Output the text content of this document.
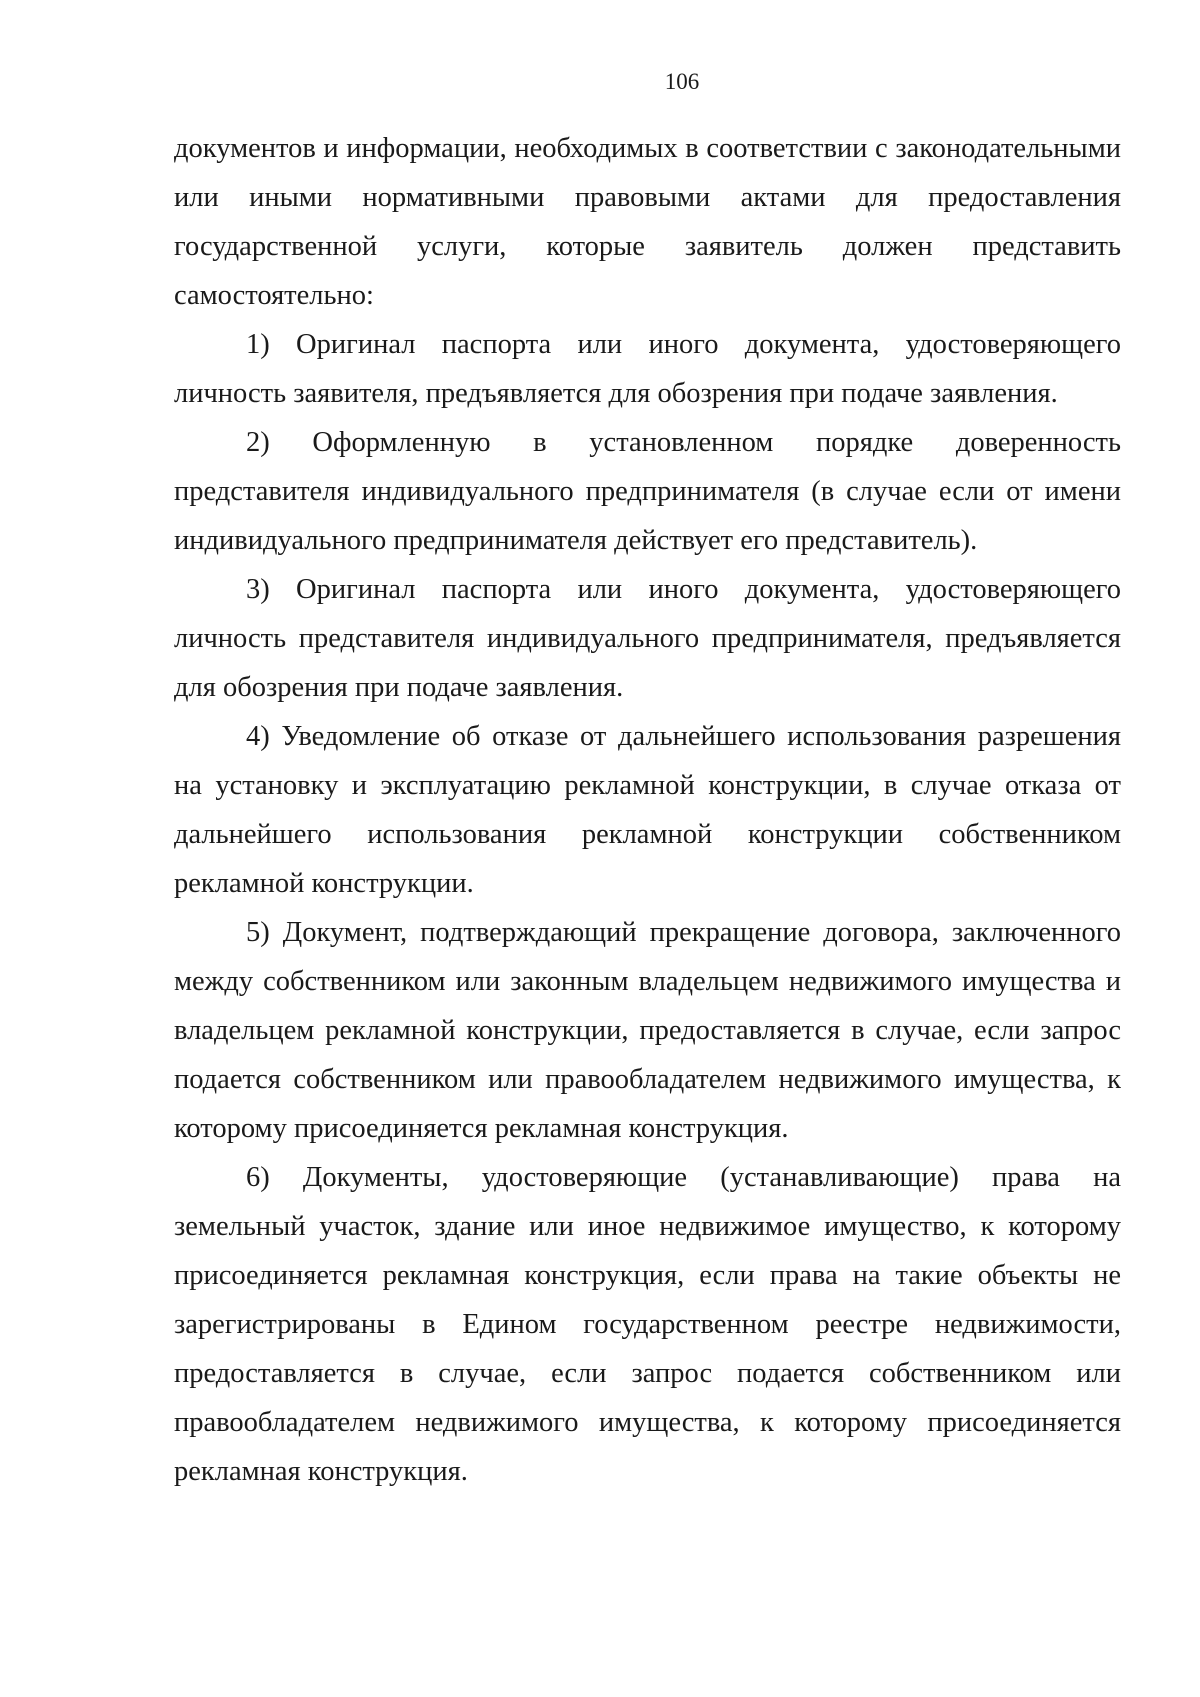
106

документов и информации, необходимых в соответствии с законодательными или иными нормативными правовыми актами для предоставления государственной услуги, которые заявитель должен представить самостоятельно:

1) Оригинал паспорта или иного документа, удостоверяющего личность заявителя, предъявляется для обозрения при подаче заявления.

2) Оформленную в установленном порядке доверенность представителя индивидуального предпринимателя (в случае если от имени индивидуального предпринимателя действует его представитель).

3) Оригинал паспорта или иного документа, удостоверяющего личность представителя индивидуального предпринимателя, предъявляется для обозрения при подаче заявления.

4) Уведомление об отказе от дальнейшего использования разрешения на установку и эксплуатацию рекламной конструкции, в случае отказа от дальнейшего использования рекламной конструкции собственником рекламной конструкции.

5) Документ, подтверждающий прекращение договора, заключенного между собственником или законным владельцем недвижимого имущества и владельцем рекламной конструкции, предоставляется в случае, если запрос подается собственником или правообладателем недвижимого имущества, к которому присоединяется рекламная конструкция.

6) Документы, удостоверяющие (устанавливающие) права на земельный участок, здание или иное недвижимое имущество, к которому присоединяется рекламная конструкция, если права на такие объекты не зарегистрированы в Едином государственном реестре недвижимости, предоставляется в случае, если запрос подается собственником или правообладателем недвижимого имущества, к которому присоединяется рекламная конструкция.
